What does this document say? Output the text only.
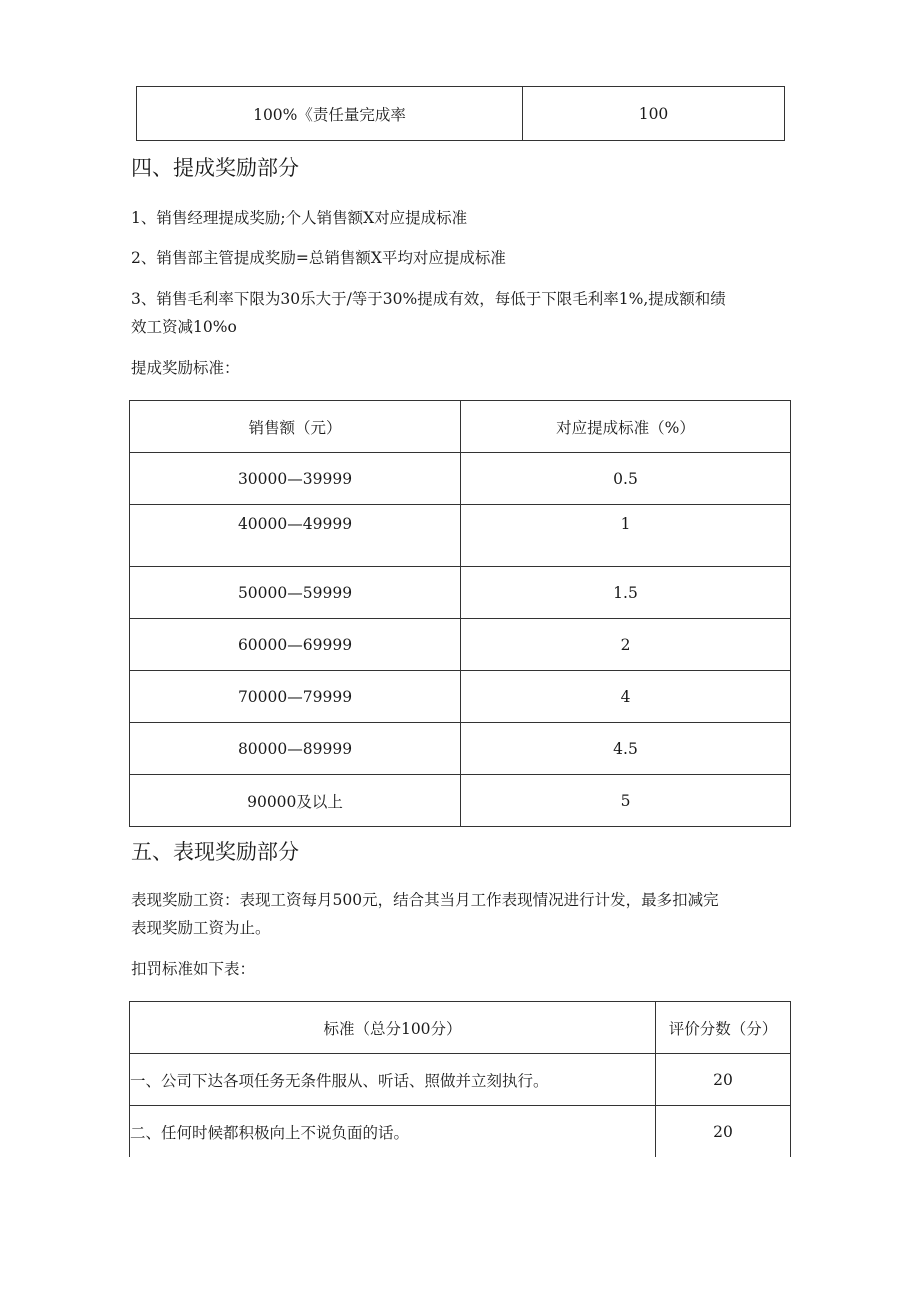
100%《责任量完成率	100
四、提成奖励部分

1、销售经理提成奖励;个人销售额X对应提成标准

2、销售部主管提成奖励=总销售额X平均对应提成标准

3、销售毛利率下限为30乐大于/等于30%提成有效，每低于下限毛利率1%,提成额和绩

效工资减10%o

提成奖励标准：

销售额（元）	对应提成标准（%）
30000—39999	0.5
40000—49999	1
50000—59999	1.5
60000—69999	2
70000—79999	4
80000—89999	4.5
90000及以上	5
五、表现奖励部分

表现奖励工资：表现工资每月500元，结合其当月工作表现情况进行计发，最多扣减完

表现奖励工资为止。

扣罚标准如下表：

标准（总分100分）	评价分数（分）
一、公司下达各项任务无条件服从、听话、照做并立刻执行。	20
二、任何时候都积极向上不说负面的话。	20
